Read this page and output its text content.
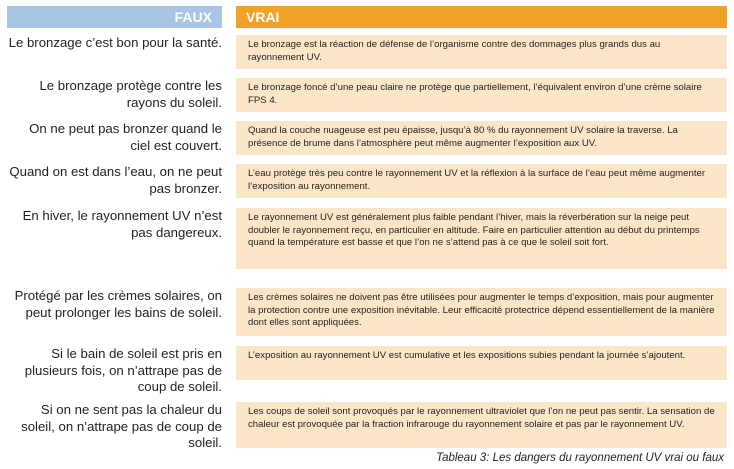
FAUX	VRAI
Le bronzage c’est bon pour la santé.	Le bronzage est la réaction de défense de l’organisme contre des dommages plus grands dus au rayonnement UV.
Le bronzage protège contre les rayons du soleil.
Le bronzage foncé d’une peau claire ne protège que partiellement, l’équivalent environ d’une crème solaire FPS 4.
On ne peut pas bronzer quand le ciel est couvert.
Quand la couche nuageuse est peu épaisse, jusqu’à 80 % du rayonnement UV solaire la traverse. La présence de brume dans l’atmosphère peut même augmenter l’exposition aux UV.
Quand on est dans l’eau, on ne peut pas bronzer.
L’eau protège très peu contre le rayonnement UV et la réflexion à la surface de l’eau peut même augmenter l’exposition au rayonnement.
En hiver, le rayonnement UV n’est pas dangereux.
Le rayonnement UV est généralement plus faible pendant l’hiver, mais la réverbération sur la neige peut doubler le rayonnement reçu, en particulier en altitude. Faire en particulier attention au début du printemps quand la température est basse et que l’on ne s’attend pas à ce que le soleil soit fort.
Protégé par les crèmes solaires, on peut prolonger les bains de soleil.
Les crèmes solaires ne doivent pas être utilisées pour augmenter le temps d’exposition, mais pour augmenter la protection contre une exposition inévitable. Leur efficacité protectrice dépend essentiellement de la manière dont elles sont appliquées.
Si le bain de soleil est pris en plusieurs fois, on n’attrape pas de coup de soleil.
L’exposition au rayonnement UV est cumulative et les expositions subies pendant la journée s’ajoutent.
Si on ne sent pas la chaleur du soleil, on n’attrape pas de coup de soleil.
Les coups de soleil sont provoqués par le rayonnement ultraviolet que l’on ne peut pas sentir. La sensation de chaleur est provoquée par la fraction infrarouge du rayonnement solaire et pas par le rayonnement UV.
Tableau 3: Les dangers du rayonnement UV vrai ou faux
